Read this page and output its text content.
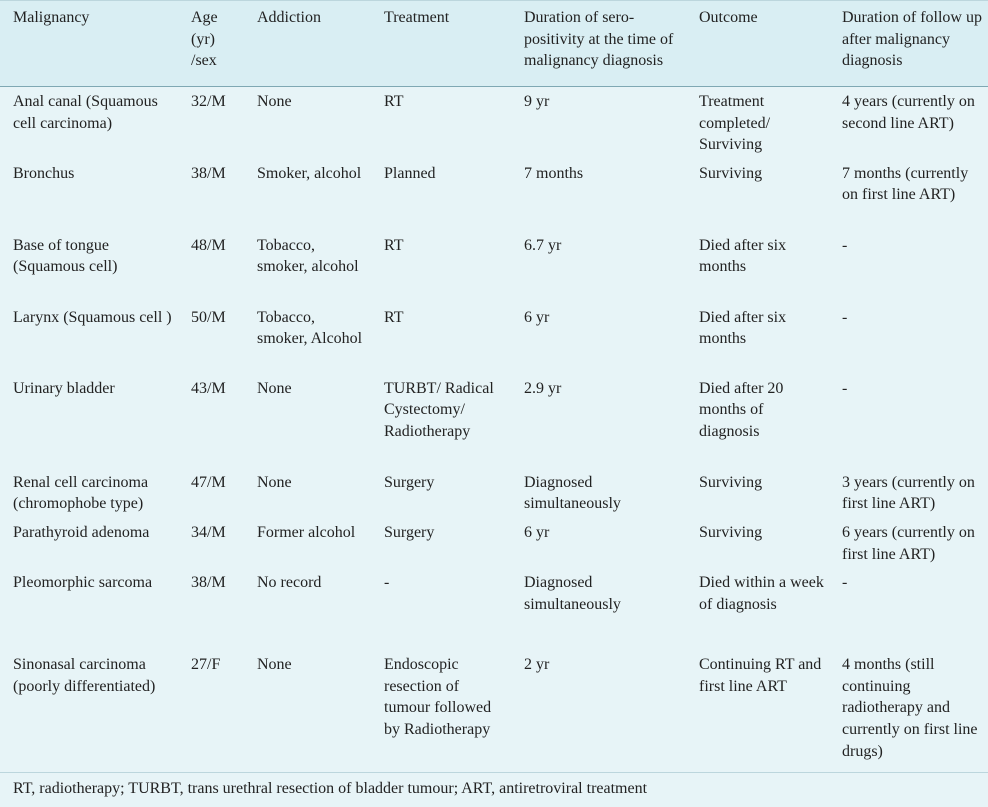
Malignancy	Age (yr) /sex	Addiction	Treatment	Duration of sero-positivity at the time of malignancy diagnosis	Outcome	Duration of follow up after malignancy diagnosis
Anal canal (Squamous cell carcinoma)	32/M	None	RT	9 yr	Treatment completed/ Surviving	4 years (currently on second line ART)
Bronchus	38/M	Smoker, alcohol	Planned	7 months	Surviving	7 months (currently on first line ART)
Base of tongue (Squamous cell)	48/M	Tobacco, smoker, alcohol	RT	6.7 yr	Died after six months	-
Larynx (Squamous cell )	50/M	Tobacco, smoker, Alcohol	RT	6 yr	Died after six months	-
Urinary bladder	43/M	None	TURBT/ Radical Cystectomy/ Radiotherapy	2.9 yr	Died after 20 months of diagnosis	-
Renal cell carcinoma (chromophobe type)	47/M	None	Surgery	Diagnosed simultaneously	Surviving	3 years (currently on first line ART)
Parathyroid adenoma	34/M	Former alcohol	Surgery	6 yr	Surviving	6 years (currently on first line ART)
Pleomorphic sarcoma	38/M	No record	-	Diagnosed simultaneously	Died within a week of diagnosis	-
Sinonasal carcinoma (poorly differentiated)	27/F	None	Endoscopic resection of tumour followed by Radiotherapy	2 yr	Continuing RT and first line ART	4 months (still continuing radiotherapy and currently on first line drugs)
RT, radiotherapy; TURBT, trans urethral resection of bladder tumour; ART, antiretroviral treatment
